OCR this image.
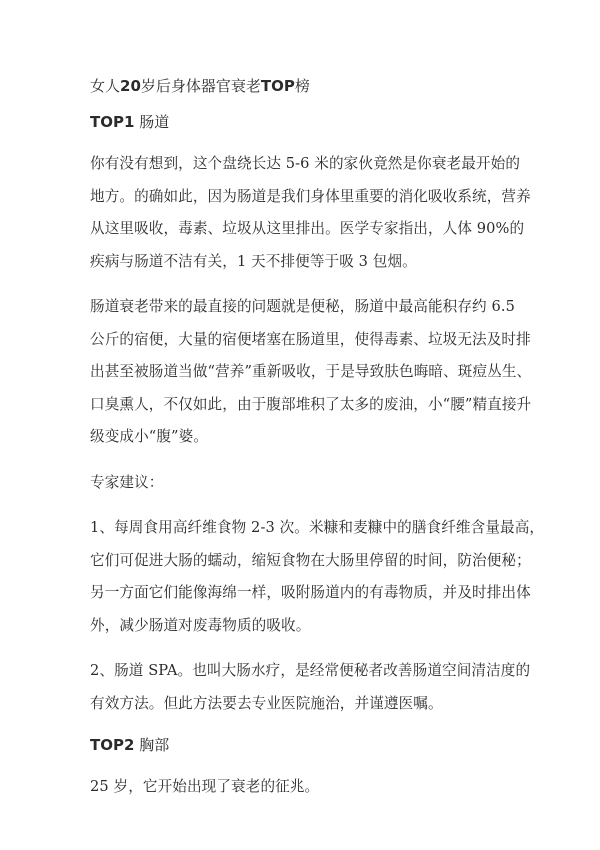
女人20岁后身体器官衰老TOP榜
TOP1 肠道
你有没有想到，这个盘绕长达 5-6 米的家伙竟然是你衰老最开始的
地方。的确如此，因为肠道是我们身体里重要的消化吸收系统，营养
从这里吸收，毒素、垃圾从这里排出。医学专家指出，人体 90%的
疾病与肠道不洁有关，1 天不排便等于吸 3 包烟。
肠道衰老带来的最直接的问题就是便秘，肠道中最高能积存约 6.5
公斤的宿便，大量的宿便堵塞在肠道里，使得毒素、垃圾无法及时排
出甚至被肠道当做“营养”重新吸收，于是导致肤色晦暗、斑痘丛生、
口臭熏人，不仅如此，由于腹部堆积了太多的废油，小“腰”精直接升
级变成小“腹”婆。
专家建议：
1、每周食用高纤维食物 2-3 次。米糠和麦糠中的膳食纤维含量最高，
它们可促进大肠的蠕动，缩短食物在大肠里停留的时间，防治便秘；
另一方面它们能像海绵一样，吸附肠道内的有毒物质，并及时排出体
外，减少肠道对废毒物质的吸收。
2、肠道 SPA。也叫大肠水疗，是经常便秘者改善肠道空间清洁度的
有效方法。但此方法要去专业医院施治，并谨遵医嘱。
TOP2 胸部
25 岁，它开始出现了衰老的征兆。
